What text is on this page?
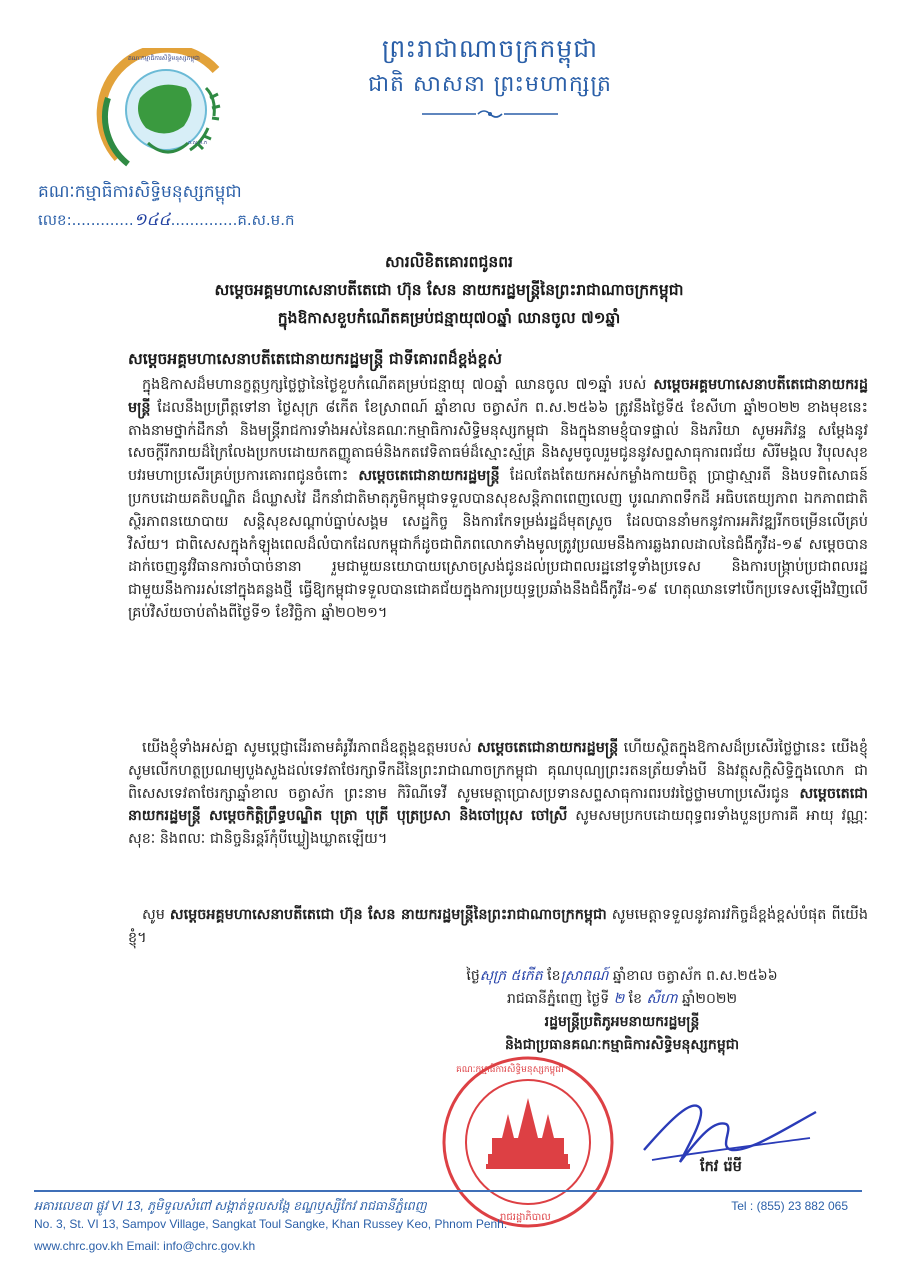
គណៈកម្មាធិការសិទ្ធិមនុស្សកម្ពុជា
គ.ស.ម.ក
ព្រះរាជាណាចក្រកម្ពុជា
ជាតិ សាសនា ព្រះមហាក្សត្រ
គណៈកម្មាធិការសិទ្ធិមនុស្សកម្ពុជា
លេខ:.............១៤៤..............គ.ស.ម.ក
សារលិខិតគោរពជូនពរ
សម្តេចអគ្គមហាសេនាបតីតេជោ ហ៊ុន សែន នាយករដ្ឋមន្ត្រីនៃព្រះរាជាណាចក្រកម្ពុជា
ក្នុងឱកាសខួបកំណើតគម្រប់ជន្មាយុ៧០ឆ្នាំ ឈានចូល ៧១ឆ្នាំ
សម្តេចអគ្គមហាសេនាបតីតេជោនាយករដ្ឋមន្ត្រី ជាទីគោរពដ៏ខ្ពង់ខ្ពស់
ក្នុងឱកាសដ៏មហានក្ខត្តឫក្សថ្លៃថ្លានៃថ្ងៃខួបកំណើតគម្រប់ជន្មាយុ ៧០ឆ្នាំ ឈានចូល ៧១ឆ្នាំ របស់ សម្តេចអគ្គមហាសេនាបតីតេជោនាយករដ្ឋមន្ត្រី ដែលនឹងប្រព្រឹត្តទៅនា ថ្ងៃសុក្រ ៨កើត ខែស្រាពណ៍ ឆ្នាំខាល ចត្វាស័ក ព.ស.២៥៦៦ ត្រូវនឹងថ្ងៃទី៥ ខែសីហា ឆ្នាំ២០២២ ខាងមុខនេះ តាងនាមថ្នាក់ដឹកនាំ និងមន្ត្រីរាជការទាំងអស់នៃគណៈកម្មាធិការសិទ្ធិមនុស្សកម្ពុជា និងក្នុងនាមខ្ញុំបាទផ្ទាល់ និងភរិយា សូមអភិវន្ទ សម្តែងនូវសេចក្តីរីករាយដ៏ក្រៃលែងប្រកបដោយកតញ្ញូតាធម៌និងកតវេទិតាធម៌ដ៏ស្មោះស្ម័គ្រ និងសូមចូលរួមជូននូវសព្ទសាធុការពរជ័យ សិរីមង្គល វិបុលសុខ បវរមហាប្រសើរគ្រប់ប្រការគោរពជូនចំពោះ សម្តេចតេជោនាយករដ្ឋមន្ត្រី ដែលតែងតែយកអស់កម្លាំងកាយចិត្ត ប្រាជ្ញាស្មារតី និងបទពិសោធន៍ប្រកបដោយគតិបណ្ឌិត ដ៏ឈ្លាសវៃ ដឹកនាំជាតិមាតុភូមិកម្ពុជាទទួលបានសុខសន្តិភាពពេញលេញ បូរណភាពទឹកដី អធិបតេយ្យភាព ឯកភាពជាតិ ស្ថិរភាពនយោបាយ សន្តិសុខសណ្តាប់ធ្នាប់សង្គម សេដ្ឋកិច្ច និងការកែទម្រង់រដ្ឋដ៏មុតស្រួច ដែលបាននាំមកនូវការអភិវឌ្ឍរីកចម្រើនលើគ្រប់វិស័យ។ ជាពិសេសក្នុងកំឡុងពេលដ៏លំបាកដែលកម្ពុជាក៏ដូចជាពិភពលោកទាំងមូលត្រូវប្រឈមនឹងការឆ្លងរាលដាលនៃជំងឺកូវីដ-១៩ សម្តេចបានដាក់ចេញនូវវិធានការចាំបាច់នានា រួមជាមួយនយោបាយស្រោចស្រង់ជូនដល់ប្រជាពលរដ្ឋនៅទូទាំងប្រទេស និងការបង្ក្រាប់ប្រជាពលរដ្ឋជាមួយនឹងការរស់នៅក្នុងគន្លងថ្មី ធ្វើឱ្យកម្ពុជាទទួលបានជោគជ័យក្នុងការប្រយុទ្ធប្រឆាំងនឹងជំងឺកូវីដ-១៩ ហេតុឈានទៅបើកប្រទេសឡើងវិញលើគ្រប់វិស័យចាប់តាំងពីថ្ងៃទី១ ខែវិច្ឆិកា ឆ្នាំ២០២១។
យើងខ្ញុំទាំងអស់គ្នា សូមប្តេជ្ញាដើរតាមគំរូវីរភាពដ៏ឧត្តុង្គឧត្តមរបស់ សម្តេចតេជោនាយករដ្ឋមន្ត្រី ហើយស្ថិតក្នុងឱកាសដ៏ប្រសើរថ្លៃថ្លានេះ យើងខ្ញុំសូមលើកហត្ថប្រណម្យបួងសួងដល់ទេវតាថែរក្សាទឹកដីនៃព្រះរាជាណាចក្រកម្ពុជា គុណបុណ្យព្រះរតនត្រ័យទាំងបី និងវត្ថុសក្តិសិទ្ធិក្នុងលោក ជាពិសេសទេវតាថែរក្សាឆ្នាំខាល ចត្វាស័ក ព្រះនាម កិរិណីទេវី សូមមេត្តាប្រោសប្រទានសព្ទសាធុការពរបវរថ្លៃថ្លាមហាប្រសើរជូន សម្តេចតេជោនាយករដ្ឋមន្ត្រី សម្តេចកិត្តិព្រឹទ្ធបណ្ឌិត បុត្រា បុត្រី បុត្រប្រសា និងចៅប្រុស ចៅស្រី សូមសមប្រកបដោយពុទ្ធពរទាំងបួនប្រការគឺ អាយុ វណ្ណៈ សុខៈ និងពលៈ ជានិច្ចនិរន្តរ៍កុំបីឃ្លៀងឃ្លាតឡើយ។
សូម សម្តេចអគ្គមហាសេនាបតីតេជោ ហ៊ុន សែន នាយករដ្ឋមន្ត្រីនៃព្រះរាជាណាចក្រកម្ពុជា សូមមេត្តាទទួលនូវគារវកិច្ចដ៏ខ្ពង់ខ្ពស់បំផុត ពីយើងខ្ញុំ។
ថ្ងៃសុក្រ ៥កើត ខែស្រាពណ៍ ឆ្នាំខាល ចត្វាស័ក ព.ស.២៥៦៦
រាជធានីភ្នំពេញ ថ្ងៃទី ២ ខែ សីហា ឆ្នាំ២០២២
រដ្ឋមន្ត្រីប្រតិភូអមនាយករដ្ឋមន្ត្រី
និងជាប្រធានគណៈកម្មាធិការសិទ្ធិមនុស្សកម្ពុជា
គណៈកម្មាធិការសិទ្ធិមនុស្សកម្ពុជា
រាជរដ្ឋាភិបាល
កែវ រ៉េមី
អគារលេខ៣ ផ្លូវ VI 13, ភូមិទួលសំពៅ សង្កាត់ទួលសង្កែ ខណ្ឌឫស្សីកែវ រាជធានីភ្នំពេញ
No. 3, St. VI 13, Sampov Village, Sangkat Toul Sangke, Khan Russey Keo, Phnom Penh.
Tel : (855) 23 882 065
www.chrc.gov.kh Email: info@chrc.gov.kh
